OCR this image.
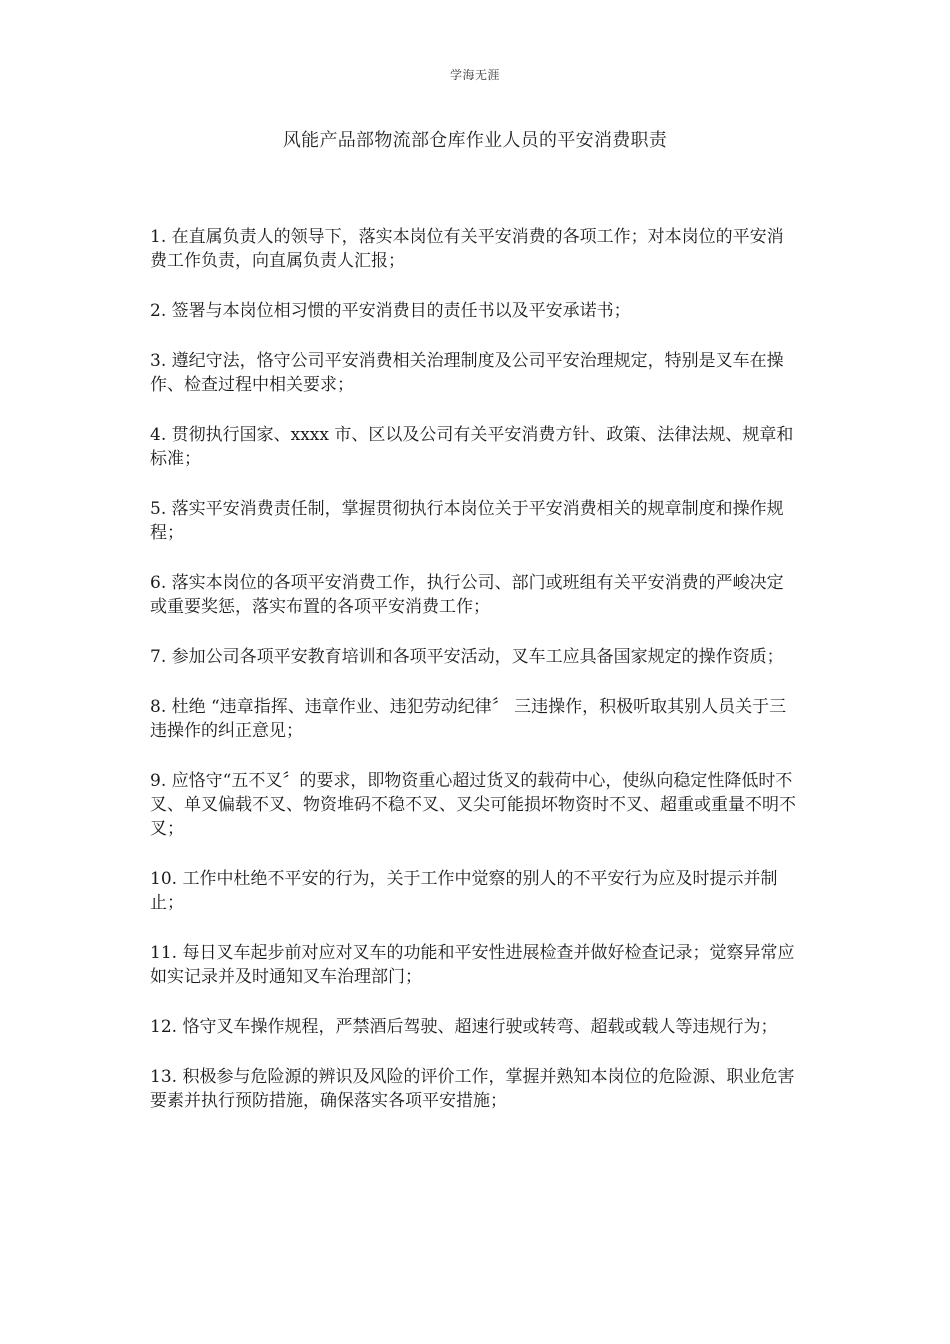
学海无涯
风能产品部物流部仓库作业人员的平安消费职责

1. 在直属负责人的领导下，落实本岗位有关平安消费的各项工作；对本岗位的平安消费工作负责，向直属负责人汇报；

2. 签署与本岗位相习惯的平安消费目的责任书以及平安承诺书；

3. 遵纪守法，恪守公司平安消费相关治理制度及公司平安治理规定，特别是叉车在操作、检查过程中相关要求；

4. 贯彻执行国家、xxxx 市、区以及公司有关平安消费方针、政策、法律法规、规章和标准；

5. 落实平安消费责任制，掌握贯彻执行本岗位关于平安消费相关的规章制度和操作规程；

6. 落实本岗位的各项平安消费工作，执行公司、部门或班组有关平安消费的严峻决定或重要奖惩，落实布置的各项平安消费工作；

7. 参加公司各项平安教育培训和各项平安活动，叉车工应具备国家规定的操作资质；

8. 杜绝 “违章指挥、违章作业、违犯劳动纪律〞 三违操作，积极听取其别人员关于三违操作的纠正意见；

9. 应恪守“五不叉〞的要求，即物资重心超过货叉的载荷中心，使纵向稳定性降低时不叉、单叉偏载不叉、物资堆码不稳不叉、叉尖可能损坏物资时不叉、超重或重量不明不叉；

10. 工作中杜绝不平安的行为，关于工作中觉察的别人的不平安行为应及时提示并制止；

11. 每日叉车起步前对应对叉车的功能和平安性进展检查并做好检查记录；觉察异常应如实记录并及时通知叉车治理部门；

12. 恪守叉车操作规程，严禁酒后驾驶、超速行驶或转弯、超载或载人等违规行为；

13. 积极参与危险源的辨识及风险的评价工作，掌握并熟知本岗位的危险源、职业危害要素并执行预防措施，确保落实各项平安措施；
